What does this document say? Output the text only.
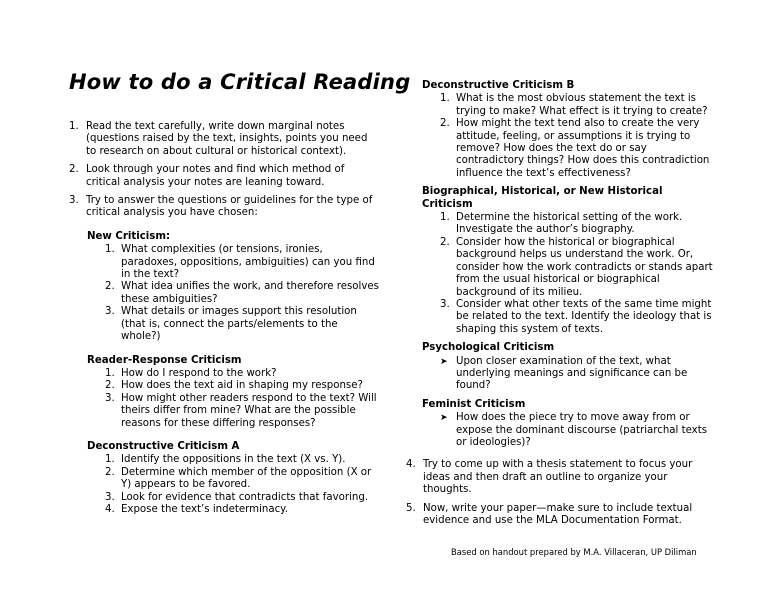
How to do a Critical Reading
1. Read the text carefully, write down marginal notes (questions raised by the text, insights, points you need to research on about cultural or historical context).
2. Look through your notes and find which method of critical analysis your notes are leaning toward.
3. Try to answer the questions or guidelines for the type of critical analysis you have chosen:
New Criticism:
1. What complexities (or tensions, ironies, paradoxes, oppositions, ambiguities) can you find in the text?
2. What idea unifies the work, and therefore resolves these ambiguities?
3. What details or images support this resolution (that is, connect the parts/elements to the whole?)
Reader-Response Criticism
1. How do I respond to the work?
2. How does the text aid in shaping my response?
3. How might other readers respond to the text? Will theirs differ from mine? What are the possible reasons for these differing responses?
Deconstructive Criticism A
1. Identify the oppositions in the text (X vs. Y).
2. Determine which member of the opposition (X or Y) appears to be favored.
3. Look for evidence that contradicts that favoring.
4. Expose the text’s indeterminacy.
Deconstructive Criticism B
1. What is the most obvious statement the text is trying to make? What effect is it trying to create?
2. How might the text tend also to create the very attitude, feeling, or assumptions it is trying to remove? How does the text do or say contradictory things? How does this contradiction influence the text’s effectiveness?
Biographical, Historical, or New Historical Criticism
1. Determine the historical setting of the work. Investigate the author’s biography.
2. Consider how the historical or biographical background helps us understand the work. Or, consider how the work contradicts or stands apart from the usual historical or biographical background of its milieu.
3. Consider what other texts of the same time might be related to the text. Identify the ideology that is shaping this system of texts.
Psychological Criticism
➤ Upon closer examination of the text, what underlying meanings and significance can be found?
Feminist Criticism
➤ How does the piece try to move away from or expose the dominant discourse (patriarchal texts or ideologies)?
4. Try to come up with a thesis statement to focus your ideas and then draft an outline to organize your thoughts.
5. Now, write your paper—make sure to include textual evidence and use the MLA Documentation Format.
Based on handout prepared by M.A. Villaceran, UP Diliman
